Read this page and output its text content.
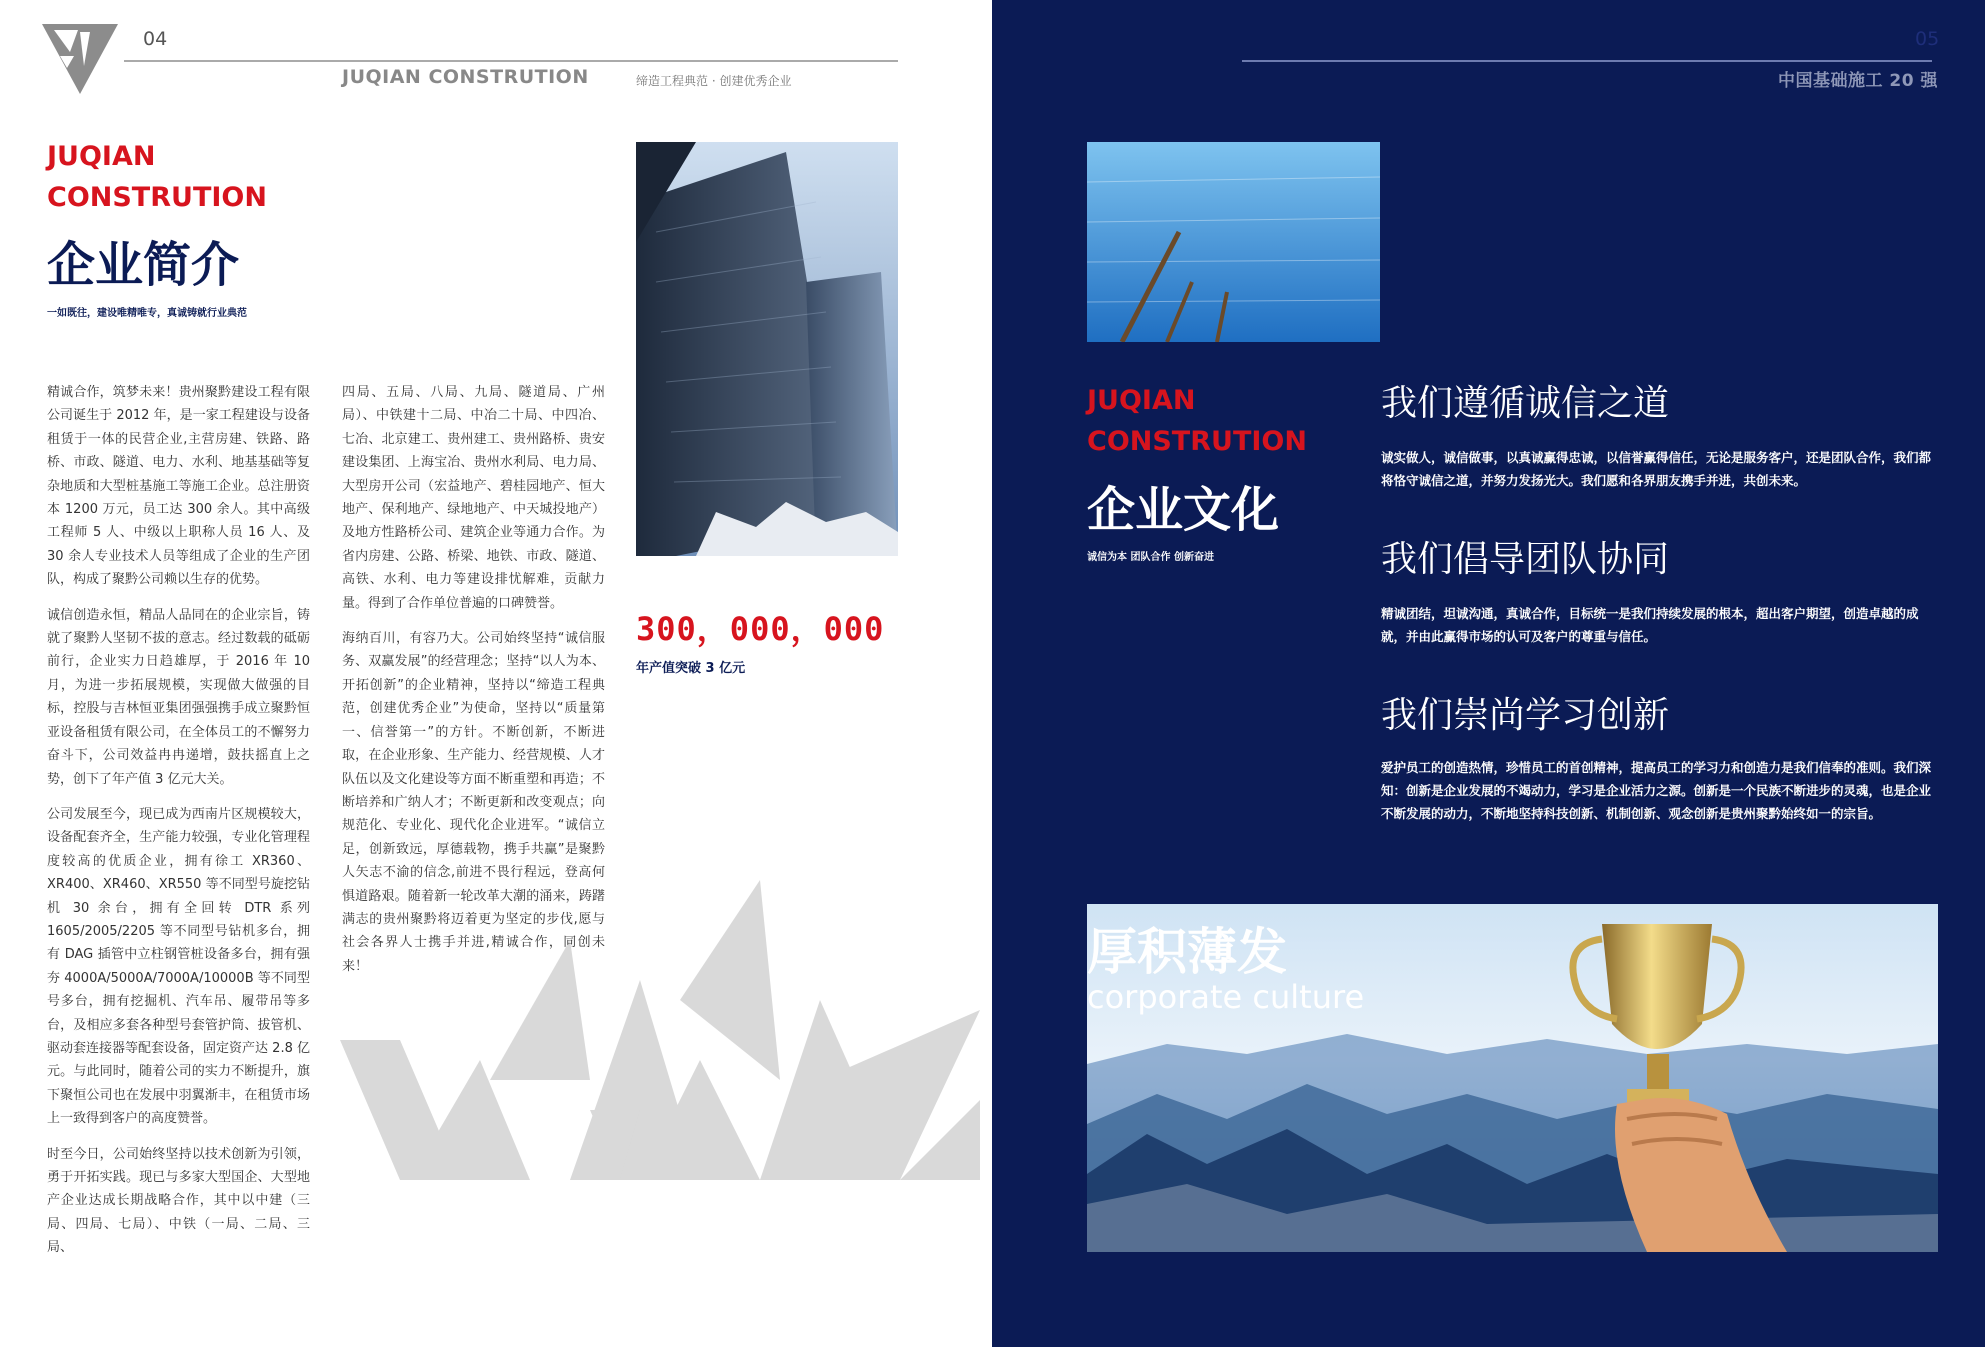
04
JUQIAN CONSTRUTION	缔造工程典范 · 创建优秀企业
JUQIAN
CONSTRUTION
企业简介
一如既往，建设唯精唯专，真诚铸就行业典范

精诚合作，筑梦未来！贵州聚黔建设工程有限公司诞生于 2012 年，是一家工程建设与设备租赁于一体的民营企业,主营房建、铁路、路桥、市政、隧道、电力、水利、地基基础等复杂地质和大型桩基施工等施工企业。总注册资本 1200 万元，员工达 300 余人。其中高级工程师 5 人、中级以上职称人员 16 人、及 30 余人专业技术人员等组成了企业的生产团队，构成了聚黔公司赖以生存的优势。

诚信创造永恒，精品人品同在的企业宗旨，铸就了聚黔人坚韧不拔的意志。经过数载的砥砺前行，企业实力日趋雄厚，于 2016 年 10 月，为进一步拓展规模，实现做大做强的目标，控股与吉林恒亚集团强强携手成立聚黔恒亚设备租赁有限公司，在全体员工的不懈努力奋斗下，公司效益冉冉递增，鼓扶摇直上之势，创下了年产值 3 亿元大关。

公司发展至今，现已成为西南片区规模较大，设备配套齐全，生产能力较强，专业化管理程度较高的优质企业，拥有徐工 XR360、XR400、XR460、XR550 等不同型号旋挖钻机 30 余台，拥有全回转 DTR 系列 1605/2005/2205 等不同型号钻机多台，拥有 DAG 插管中立柱钢管桩设备多台，拥有强夯 4000A/5000A/7000A/10000B 等不同型号多台，拥有挖掘机、汽车吊、履带吊等多台，及相应多套各种型号套管护筒、拔管机、驱动套连接器等配套设备，固定资产达 2.8 亿元。与此同时，随着公司的实力不断提升，旗下聚恒公司也在发展中羽翼渐丰，在租赁市场上一致得到客户的高度赞誉。

时至今日，公司始终坚持以技术创新为引领，勇于开拓实践。现已与多家大型国企、大型地产企业达成长期战略合作，其中以中建（三局、四局、七局）、中铁（一局、二局、三局、

四局、五局、八局、九局、隧道局、广州局）、中铁建十二局、中冶二十局、中四冶、七冶、北京建工、贵州建工、贵州路桥、贵安建设集团、上海宝冶、贵州水利局、电力局、大型房开公司（宏益地产、碧桂园地产、恒大地产、保利地产、绿地地产、中天城投地产）及地方性路桥公司、建筑企业等通力合作。为省内房建、公路、桥梁、地铁、市政、隧道、高铁、水利、电力等建设排忧解难，贡献力量。得到了合作单位普遍的口碑赞誉。

海纳百川，有容乃大。公司始终坚持“诚信服务、双赢发展”的经营理念；坚持“以人为本、开拓创新”的企业精神，坚持以“缔造工程典范，创建优秀企业”为使命，坚持以“质量第一、信誉第一”的方针。不断创新，不断进取，在企业形象、生产能力、经营规模、人才队伍以及文化建设等方面不断重塑和再造；不断培养和广纳人才；不断更新和改变观点；向规范化、专业化、现代化企业进军。“诚信立足，创新致远，厚德载物，携手共赢”是聚黔人矢志不渝的信念,前进不畏行程远，登高何惧道路艰。随着新一轮改革大潮的涌来，踌躇满志的贵州聚黔将迈着更为坚定的步伐,愿与社会各界人士携手并进,精诚合作，同创未来！

300，000，000
年产值突破 3 亿元
05
中国基础施工 20 强
JUQIAN
CONSTRUTION
企业文化
诚信为本 团队合作 创新奋进
我们遵循诚信之道
诚实做人，诚信做事，以真诚赢得忠诚，以信誉赢得信任，无论是服务客户，还是团队合作，我们都将恪守诚信之道，并努力发扬光大。我们愿和各界朋友携手并进，共创未来。
我们倡导团队协同
精诚团结，坦诚沟通，真诚合作，目标统一是我们持续发展的根本，超出客户期望，创造卓越的成就，并由此赢得市场的认可及客户的尊重与信任。
我们崇尚学习创新
爱护员工的创造热情，珍惜员工的首创精神，提高员工的学习力和创造力是我们信奉的准则。我们深知：创新是企业发展的不竭动力，学习是企业活力之源。创新是一个民族不断进步的灵魂，也是企业不断发展的动力，不断地坚持科技创新、机制创新、观念创新是贵州聚黔始终如一的宗旨。
厚积薄发
corporate culture
